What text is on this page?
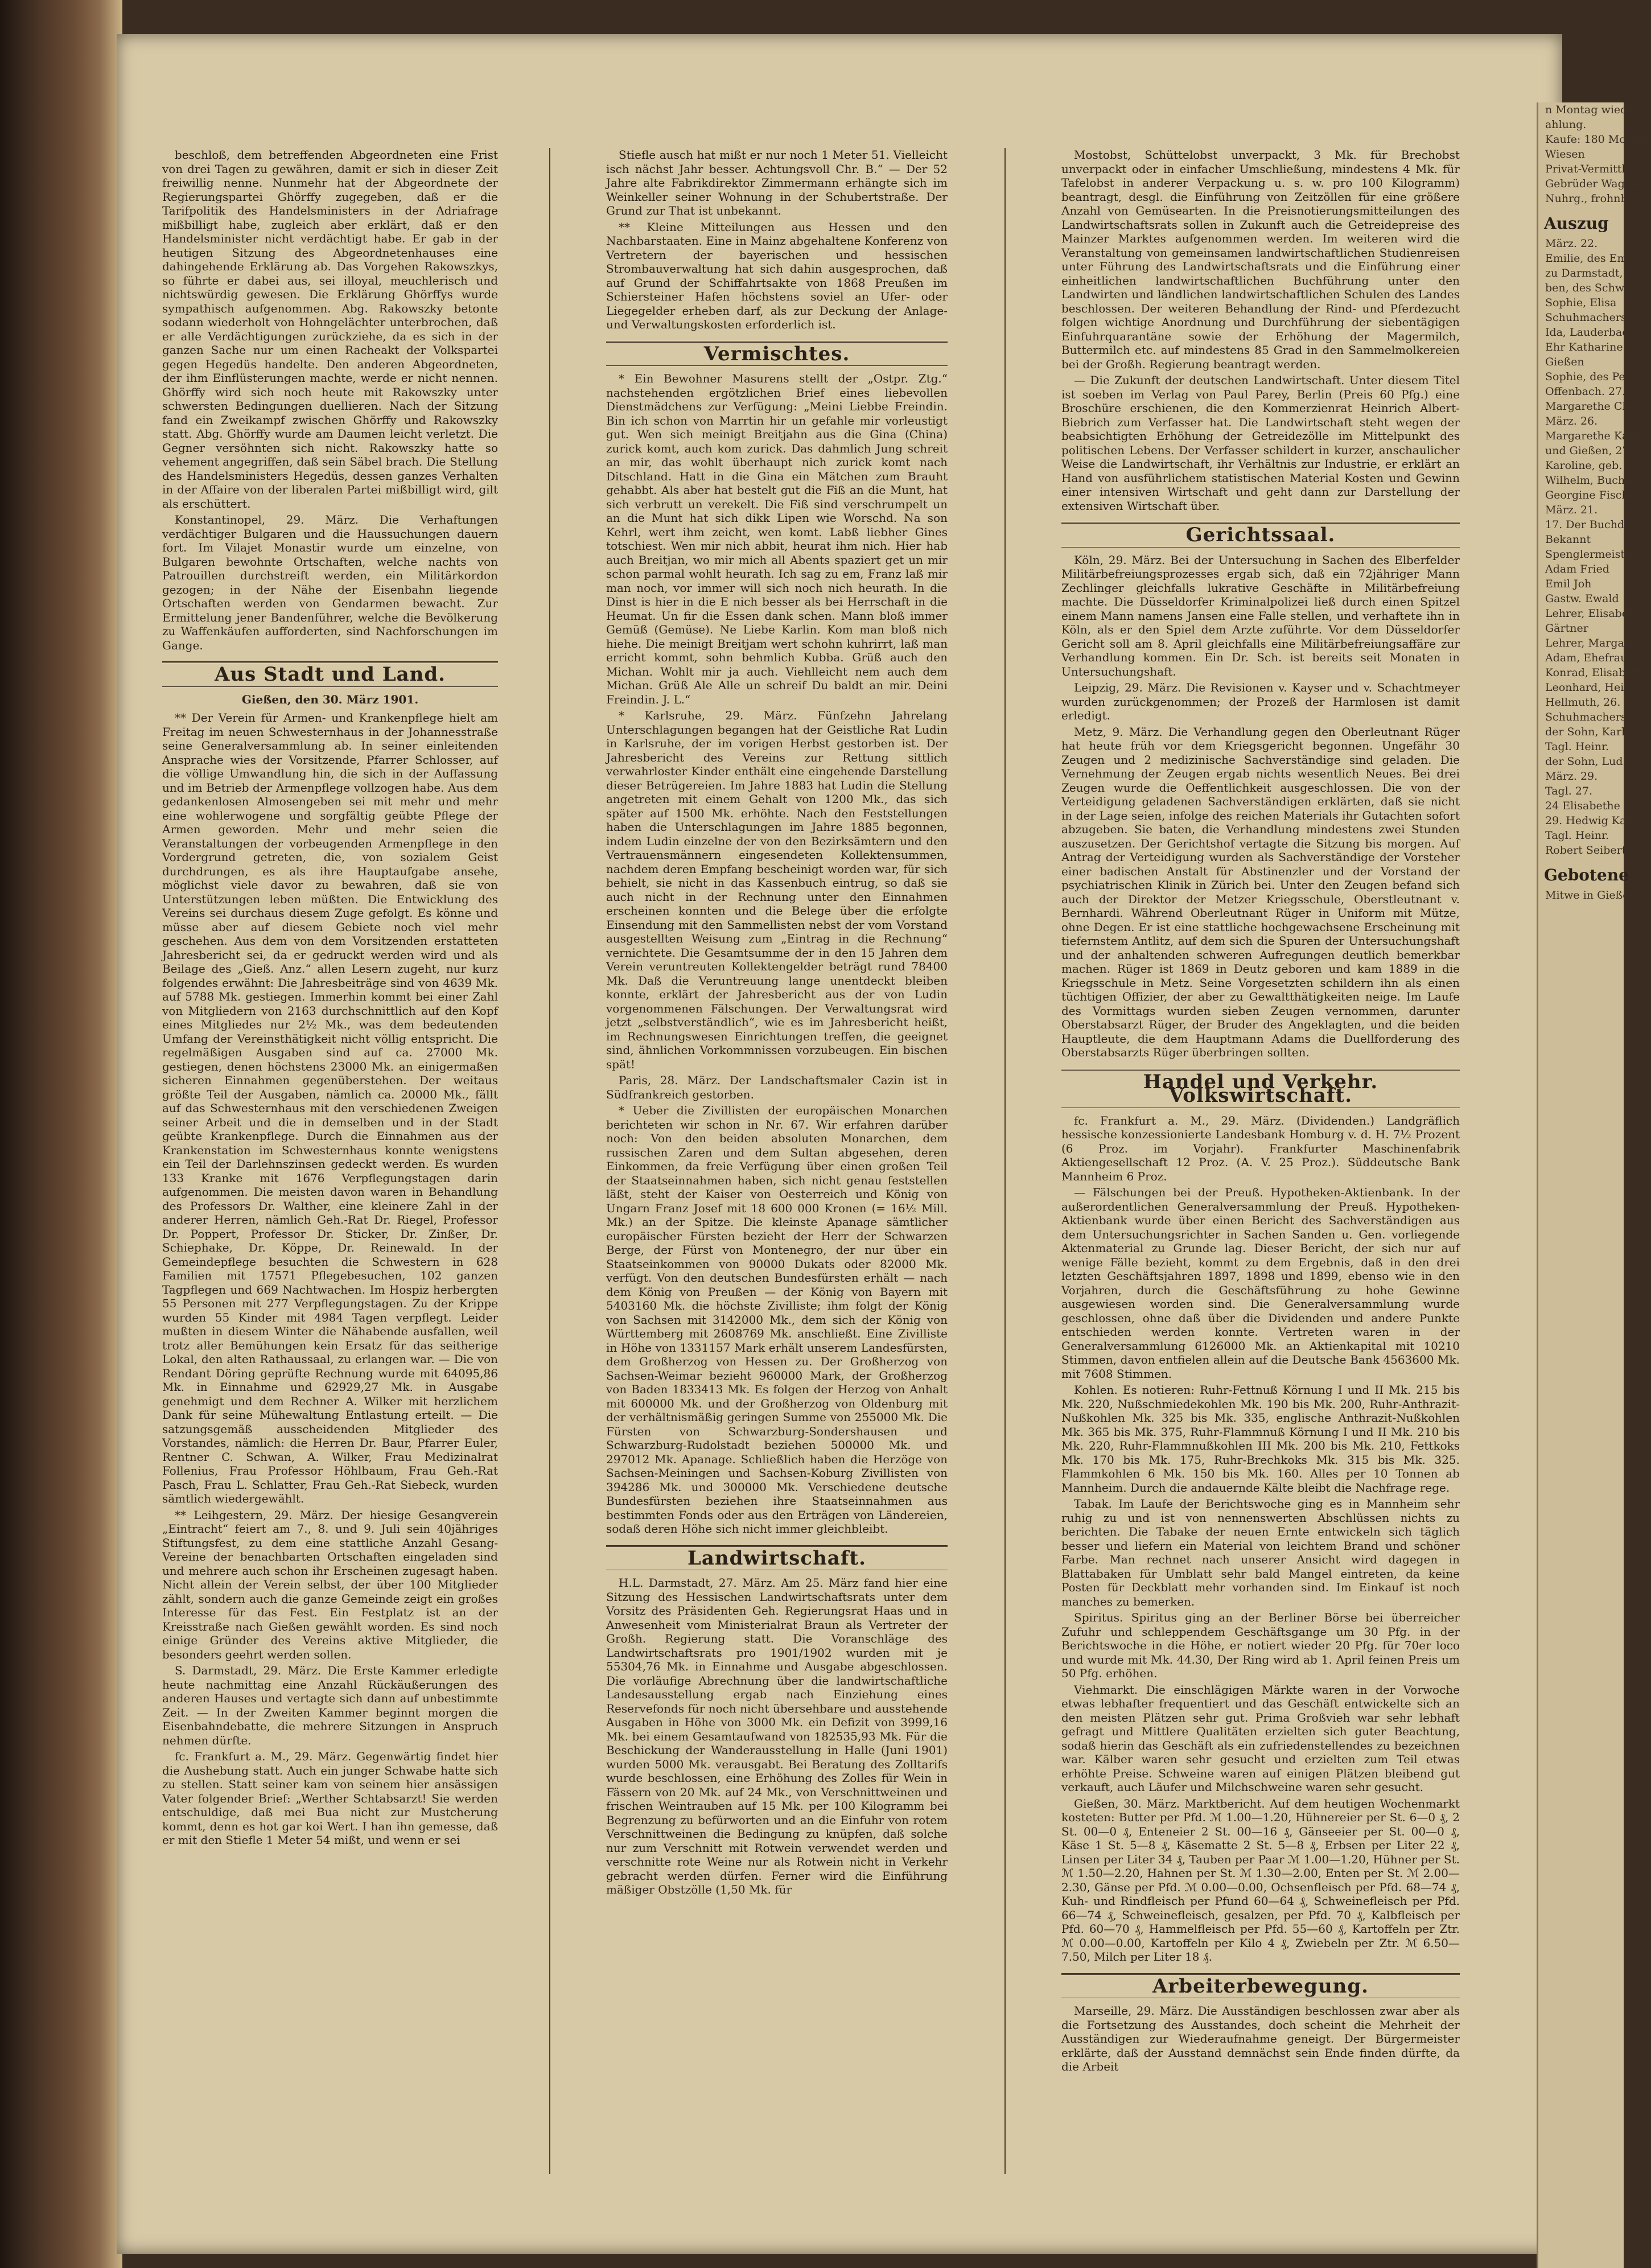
beschloß, dem betreffenden Abgeordneten eine Frist von drei Tagen zu gewähren, damit er sich in dieser Zeit freiwillig nenne. Nunmehr hat der Abgeordnete der Regierungspartei Ghörffy zugegeben, daß er die Tarifpolitik des Handelsministers in der Adriafrage mißbilligt habe, zugleich aber erklärt, daß er den Handelsminister nicht verdächtigt habe. Er gab in der heutigen Sitzung des Abgeordnetenhauses eine dahingehende Erklärung ab. Das Vorgehen Rakowszkys, so führte er dabei aus, sei illoyal, meuchlerisch und nichtswürdig gewesen. Die Erklärung Ghörffys wurde sympathisch aufgenommen. Abg. Rakowszky betonte sodann wiederholt von Hohngelächter unterbrochen, daß er alle Verdächtigungen zurückziehe, da es sich in der ganzen Sache nur um einen Racheakt der Volkspartei gegen Hegedüs handelte. Den anderen Abgeordneten, der ihm Einflüsterungen machte, werde er nicht nennen. Ghörffy wird sich noch heute mit Rakowszky unter schwersten Bedingungen duellieren. Nach der Sitzung fand ein Zweikampf zwischen Ghörffy und Rakowszky statt. Abg. Ghörffy wurde am Daumen leicht verletzt. Die Gegner versöhnten sich nicht. Rakowszky hatte so vehement angegriffen, daß sein Säbel brach. Die Stellung des Handelsministers Hegedüs, dessen ganzes Verhalten in der Affaire von der liberalen Partei mißbilligt wird, gilt als erschüttert.
Konstantinopel, 29. März. Die Verhaftungen verdächtiger Bulgaren und die Haussuchungen dauern fort. Im Vilajet Monastir wurde um einzelne, von Bulgaren bewohnte Ortschaften, welche nachts von Patrouillen durchstreift werden, ein Militärkordon gezogen; in der Nähe der Eisenbahn liegende Ortschaften werden von Gendarmen bewacht. Zur Ermittelung jener Bandenführer, welche die Bevölkerung zu Waffenkäufen aufforderten, sind Nachforschungen im Gange.
Aus Stadt und Land.
Gießen, den 30. März 1901.
** Der Verein für Armen- und Krankenpflege hielt am Freitag im neuen Schwesternhaus in der Johannesstraße seine Generalversammlung ab. In seiner einleitenden Ansprache wies der Vorsitzende, Pfarrer Schlosser, auf die völlige Umwandlung hin, die sich in der Auffassung und im Betrieb der Armenpflege vollzogen habe. Aus dem gedankenlosen Almosengeben sei mit mehr und mehr eine wohlerwogene und sorgfältig geübte Pflege der Armen geworden. Mehr und mehr seien die Veranstaltungen der vorbeugenden Armenpflege in den Vordergrund getreten, die, von sozialem Geist durchdrungen, es als ihre Hauptaufgabe ansehe, möglichst viele davor zu bewahren, daß sie von Unterstützungen leben müßten. Die Entwicklung des Vereins sei durchaus diesem Zuge gefolgt. Es könne und müsse aber auf diesem Gebiete noch viel mehr geschehen. Aus dem von dem Vorsitzenden erstatteten Jahresbericht sei, da er gedruckt werden wird und als Beilage des „Gieß. Anz.“ allen Lesern zugeht, nur kurz folgendes erwähnt: Die Jahresbeiträge sind von 4639 Mk. auf 5788 Mk. gestiegen. Immerhin kommt bei einer Zahl von Mitgliedern von 2163 durchschnittlich auf den Kopf eines Mitgliedes nur 2½ Mk., was dem bedeutenden Umfang der Vereinsthätigkeit nicht völlig entspricht. Die regelmäßigen Ausgaben sind auf ca. 27000 Mk. gestiegen, denen höchstens 23000 Mk. an einigermaßen sicheren Einnahmen gegenüberstehen. Der weitaus größte Teil der Ausgaben, nämlich ca. 20000 Mk., fällt auf das Schwesternhaus mit den verschiedenen Zweigen seiner Arbeit und die in demselben und in der Stadt geübte Krankenpflege. Durch die Einnahmen aus der Krankenstation im Schwesternhaus konnte wenigstens ein Teil der Darlehnszinsen gedeckt werden. Es wurden 133 Kranke mit 1676 Verpflegungstagen darin aufgenommen. Die meisten davon waren in Behandlung des Professors Dr. Walther, eine kleinere Zahl in der anderer Herren, nämlich Geh.-Rat Dr. Riegel, Professor Dr. Poppert, Professor Dr. Sticker, Dr. Zinßer, Dr. Schiephake, Dr. Köppe, Dr. Reinewald. In der Gemeindepflege besuchten die Schwestern in 628 Familien mit 17571 Pflegebesuchen, 102 ganzen Tagpflegen und 669 Nachtwachen. Im Hospiz herbergten 55 Personen mit 277 Verpflegungstagen. Zu der Krippe wurden 55 Kinder mit 4984 Tagen verpflegt. Leider mußten in diesem Winter die Nähabende ausfallen, weil trotz aller Bemühungen kein Ersatz für das seitherige Lokal, den alten Rathaussaal, zu erlangen war. — Die von Rendant Döring geprüfte Rechnung wurde mit 64095,86 Mk. in Einnahme und 62929,27 Mk. in Ausgabe genehmigt und dem Rechner A. Wilker mit herzlichem Dank für seine Mühewaltung Entlastung erteilt. — Die satzungsgemäß ausscheidenden Mitglieder des Vorstandes, nämlich: die Herren Dr. Baur, Pfarrer Euler, Rentner C. Schwan, A. Wilker, Frau Medizinalrat Follenius, Frau Professor Höhlbaum, Frau Geh.-Rat Pasch, Frau L. Schlatter, Frau Geh.-Rat Siebeck, wurden sämtlich wiedergewählt.
** Leihgestern, 29. März. Der hiesige Gesangverein „Eintracht“ feiert am 7., 8. und 9. Juli sein 40jähriges Stiftungsfest, zu dem eine stattliche Anzahl Gesang-Vereine der benachbarten Ortschaften eingeladen sind und mehrere auch schon ihr Erscheinen zugesagt haben. Nicht allein der Verein selbst, der über 100 Mitglieder zählt, sondern auch die ganze Gemeinde zeigt ein großes Interesse für das Fest. Ein Festplatz ist an der Kreisstraße nach Gießen gewählt worden. Es sind noch einige Gründer des Vereins aktive Mitglieder, die besonders geehrt werden sollen.
S. Darmstadt, 29. März. Die Erste Kammer erledigte heute nachmittag eine Anzahl Rückäußerungen des anderen Hauses und vertagte sich dann auf unbestimmte Zeit. — In der Zweiten Kammer beginnt morgen die Eisenbahndebatte, die mehrere Sitzungen in Anspruch nehmen dürfte.
fc. Frankfurt a. M., 29. März. Gegenwärtig findet hier die Aushebung statt. Auch ein junger Schwabe hatte sich zu stellen. Statt seiner kam von seinem hier ansässigen Vater folgender Brief: „Werther Schtabsarzt! Sie werden entschuldige, daß mei Bua nicht zur Mustcherung kommt, denn es hot gar koi Wert. I han ihn gemesse, daß er mit den Stiefle 1 Meter 54 mißt, und wenn er sei
Stiefle ausch hat mißt er nur noch 1 Meter 51. Vielleicht isch nächst Jahr besser. Achtungsvoll Chr. B.“ — Der 52 Jahre alte Fabrikdirektor Zimmermann erhängte sich im Weinkeller seiner Wohnung in der Schubertstraße. Der Grund zur That ist unbekannt.
** Kleine Mitteilungen aus Hessen und den Nachbarstaaten. Eine in Mainz abgehaltene Konferenz von Vertretern der bayerischen und hessischen Strombauverwaltung hat sich dahin ausgesprochen, daß auf Grund der Schiffahrtsakte von 1868 Preußen im Schiersteiner Hafen höchstens soviel an Ufer- oder Liegegelder erheben darf, als zur Deckung der Anlage- und Verwaltungskosten erforderlich ist.
Vermischtes.
* Ein Bewohner Masurens stellt der „Ostpr. Ztg.“ nachstehenden ergötzlichen Brief eines liebevollen Dienstmädchens zur Verfügung: „Meini Liebbe Freindin. Bin ich schon von Marrtin hir un gefahle mir vorleustigt gut. Wen sich meinigt Breitjahn aus die Gina (China) zurick komt, auch kom zurick. Das dahmlich Jung schreit an mir, das wohlt überhaupt nich zurick komt nach Ditschland. Hatt in die Gina ein Mätchen zum Brauht gehabbt. Als aber hat bestelt gut die Fiß an die Munt, hat sich verbrutt un verekelt. Die Fiß sind verschrumpelt un an die Munt hat sich dikk Lipen wie Worschd. Na son Kehrl, wert ihm zeicht, wen komt. Labß liebher Gines totschiest. Wen mir nich abbit, heurat ihm nich. Hier hab auch Breitjan, wo mir mich all Abents spaziert get un mir schon parmal wohlt heurath. Ich sag zu em, Franz laß mir man noch, vor immer will sich noch nich heurath. In die Dinst is hier in die E nich besser als bei Herrschaft in die Heumat. Un fir die Essen dank schen. Mann bloß immer Gemüß (Gemüse). Ne Liebe Karlin. Kom man bloß nich hiehe. Die meinigt Breitjam wert schohn kuhrirrt, laß man erricht kommt, sohn behmlich Kubba. Grüß auch den Michan. Wohlt mir ja auch. Viehlleicht nem auch dem Michan. Grüß Ale Alle un schreif Du baldt an mir. Deini Freindin. J. L.“
* Karlsruhe, 29. März. Fünfzehn Jahrelang Unterschlagungen begangen hat der Geistliche Rat Ludin in Karlsruhe, der im vorigen Herbst gestorben ist. Der Jahresbericht des Vereins zur Rettung sittlich verwahrloster Kinder enthält eine eingehende Darstellung dieser Betrügereien. Im Jahre 1883 hat Ludin die Stellung angetreten mit einem Gehalt von 1200 Mk., das sich später auf 1500 Mk. erhöhte. Nach den Feststellungen haben die Unterschlagungen im Jahre 1885 begonnen, indem Ludin einzelne der von den Bezirksämtern und den Vertrauensmännern eingesendeten Kollektensummen, nachdem deren Empfang bescheinigt worden war, für sich behielt, sie nicht in das Kassenbuch eintrug, so daß sie auch nicht in der Rechnung unter den Einnahmen erscheinen konnten und die Belege über die erfolgte Einsendung mit den Sammellisten nebst der vom Vorstand ausgestellten Weisung zum „Eintrag in die Rechnung“ vernichtete. Die Gesamtsumme der in den 15 Jahren dem Verein veruntreuten Kollektengelder beträgt rund 78400 Mk. Daß die Veruntreuung lange unentdeckt bleiben konnte, erklärt der Jahresbericht aus der von Ludin vorgenommenen Fälschungen. Der Verwaltungsrat wird jetzt „selbstverständlich“, wie es im Jahresbericht heißt, im Rechnungswesen Einrichtungen treffen, die geeignet sind, ähnlichen Vorkommnissen vorzubeugen. Ein bischen spät!
Paris, 28. März. Der Landschaftsmaler Cazin ist in Südfrankreich gestorben.
* Ueber die Zivillisten der europäischen Monarchen berichteten wir schon in Nr. 67. Wir erfahren darüber noch: Von den beiden absoluten Monarchen, dem russischen Zaren und dem Sultan abgesehen, deren Einkommen, da freie Verfügung über einen großen Teil der Staatseinnahmen haben, sich nicht genau feststellen läßt, steht der Kaiser von Oesterreich und König von Ungarn Franz Josef mit 18 600 000 Kronen (= 16½ Mill. Mk.) an der Spitze. Die kleinste Apanage sämtlicher europäischer Fürsten bezieht der Herr der Schwarzen Berge, der Fürst von Montenegro, der nur über ein Staatseinkommen von 90000 Dukats oder 82000 Mk. verfügt. Von den deutschen Bundesfürsten erhält — nach dem König von Preußen — der König von Bayern mit 5403160 Mk. die höchste Zivilliste; ihm folgt der König von Sachsen mit 3142000 Mk., dem sich der König von Württemberg mit 2608769 Mk. anschließt. Eine Zivilliste in Höhe von 1331157 Mark erhält unserem Landesfürsten, dem Großherzog von Hessen zu. Der Großherzog von Sachsen-Weimar bezieht 960000 Mark, der Großherzog von Baden 1833413 Mk. Es folgen der Herzog von Anhalt mit 600000 Mk. und der Großherzog von Oldenburg mit der verhältnismäßig geringen Summe von 255000 Mk. Die Fürsten von Schwarzburg-Sondershausen und Schwarzburg-Rudolstadt beziehen 500000 Mk. und 297012 Mk. Apanage. Schließlich haben die Herzöge von Sachsen-Meiningen und Sachsen-Koburg Zivillisten von 394286 Mk. und 300000 Mk. Verschiedene deutsche Bundesfürsten beziehen ihre Staatseinnahmen aus bestimmten Fonds oder aus den Erträgen von Ländereien, sodaß deren Höhe sich nicht immer gleichbleibt.
Landwirtschaft.
H.L. Darmstadt, 27. März. Am 25. März fand hier eine Sitzung des Hessischen Landwirtschaftsrats unter dem Vorsitz des Präsidenten Geh. Regierungsrat Haas und in Anwesenheit vom Ministerialrat Braun als Vertreter der Großh. Regierung statt. Die Voranschläge des Landwirtschaftsrats pro 1901/1902 wurden mit je 55304,76 Mk. in Einnahme und Ausgabe abgeschlossen. Die vorläufige Abrechnung über die landwirtschaftliche Landesausstellung ergab nach Einziehung eines Reservefonds für noch nicht übersehbare und ausstehende Ausgaben in Höhe von 3000 Mk. ein Defizit von 3999,16 Mk. bei einem Gesamtaufwand von 182535,93 Mk. Für die Beschickung der Wanderausstellung in Halle (Juni 1901) wurden 5000 Mk. verausgabt. Bei Beratung des Zolltarifs wurde beschlossen, eine Erhöhung des Zolles für Wein in Fässern von 20 Mk. auf 24 Mk., von Verschnittweinen und frischen Weintrauben auf 15 Mk. per 100 Kilogramm bei Begrenzung zu befürworten und an die Einfuhr von rotem Verschnittweinen die Bedingung zu knüpfen, daß solche nur zum Verschnitt mit Rotwein verwendet werden und verschnitte rote Weine nur als Rotwein nicht in Verkehr gebracht werden dürfen. Ferner wird die Einführung mäßiger Obstzölle (1,50 Mk. für
Mostobst, Schüttelobst unverpackt, 3 Mk. für Brechobst unverpackt oder in einfacher Umschließung, mindestens 4 Mk. für Tafelobst in anderer Verpackung u. s. w. pro 100 Kilogramm) beantragt, desgl. die Einführung von Zeitzöllen für eine größere Anzahl von Gemüsearten. In die Preisnotierungsmitteilungen des Landwirtschaftsrats sollen in Zukunft auch die Getreidepreise des Mainzer Marktes aufgenommen werden. Im weiteren wird die Veranstaltung von gemeinsamen landwirtschaftlichen Studienreisen unter Führung des Landwirtschaftsrats und die Einführung einer einheitlichen landwirtschaftlichen Buchführung unter den Landwirten und ländlichen landwirtschaftlichen Schulen des Landes beschlossen. Der weiteren Behandlung der Rind- und Pferdezucht folgen wichtige Anordnung und Durchführung der siebentägigen Einfuhrquarantäne sowie der Erhöhung der Magermilch, Buttermilch etc. auf mindestens 85 Grad in den Sammelmolkereien bei der Großh. Regierung beantragt werden.
— Die Zukunft der deutschen Landwirtschaft. Unter diesem Titel ist soeben im Verlag von Paul Parey, Berlin (Preis 60 Pfg.) eine Broschüre erschienen, die den Kommerzienrat Heinrich Albert-Biebrich zum Verfasser hat. Die Landwirtschaft steht wegen der beabsichtigten Erhöhung der Getreidezölle im Mittelpunkt des politischen Lebens. Der Verfasser schildert in kurzer, anschaulicher Weise die Landwirtschaft, ihr Verhältnis zur Industrie, er erklärt an Hand von ausführlichem statistischen Material Kosten und Gewinn einer intensiven Wirtschaft und geht dann zur Darstellung der extensiven Wirtschaft über.
Gerichtssaal.
Köln, 29. März. Bei der Untersuchung in Sachen des Elberfelder Militärbefreiungsprozesses ergab sich, daß ein 72jähriger Mann Zechlinger gleichfalls lukrative Geschäfte in Militärbefreiung machte. Die Düsseldorfer Kriminalpolizei ließ durch einen Spitzel einem Mann namens Jansen eine Falle stellen, und verhaftete ihn in Köln, als er den Spiel dem Arzte zuführte. Vor dem Düsseldorfer Gericht soll am 8. April gleichfalls eine Militärbefreiungsaffäre zur Verhandlung kommen. Ein Dr. Sch. ist bereits seit Monaten in Untersuchungshaft.
Leipzig, 29. März. Die Revisionen v. Kayser und v. Schachtmeyer wurden zurückgenommen; der Prozeß der Harmlosen ist damit erledigt.
Metz, 9. März. Die Verhandlung gegen den Oberleutnant Rüger hat heute früh vor dem Kriegsgericht begonnen. Ungefähr 30 Zeugen und 2 medizinische Sachverständige sind geladen. Die Vernehmung der Zeugen ergab nichts wesentlich Neues. Bei drei Zeugen wurde die Oeffentlichkeit ausgeschlossen. Die von der Verteidigung geladenen Sachverständigen erklärten, daß sie nicht in der Lage seien, infolge des reichen Materials ihr Gutachten sofort abzugeben. Sie baten, die Verhandlung mindestens zwei Stunden auszusetzen. Der Gerichtshof vertagte die Sitzung bis morgen. Auf Antrag der Verteidigung wurden als Sachverständige der Vorsteher einer badischen Anstalt für Abstinenzler und der Vorstand der psychiatrischen Klinik in Zürich bei. Unter den Zeugen befand sich auch der Direktor der Metzer Kriegsschule, Oberstleutnant v. Bernhardi. Während Oberleutnant Rüger in Uniform mit Mütze, ohne Degen. Er ist eine stattliche hochgewachsene Erscheinung mit tiefernstem Antlitz, auf dem sich die Spuren der Untersuchungshaft und der anhaltenden schweren Aufregungen deutlich bemerkbar machen. Rüger ist 1869 in Deutz geboren und kam 1889 in die Kriegsschule in Metz. Seine Vorgesetzten schildern ihn als einen tüchtigen Offizier, der aber zu Gewaltthätigkeiten neige. Im Laufe des Vormittags wurden sieben Zeugen vernommen, darunter Oberstabsarzt Rüger, der Bruder des Angeklagten, und die beiden Hauptleute, die dem Hauptmann Adams die Duellforderung des Oberstabsarzts Rüger überbringen sollten.
Handel und Verkehr. Volkswirtschaft.
fc. Frankfurt a. M., 29. März. (Dividenden.) Landgräflich hessische konzessionierte Landesbank Homburg v. d. H. 7½ Prozent (6 Proz. im Vorjahr). Frankfurter Maschinenfabrik Aktiengesellschaft 12 Proz. (A. V. 25 Proz.). Süddeutsche Bank Mannheim 6 Proz.
— Fälschungen bei der Preuß. Hypotheken-Aktienbank. In der außerordentlichen Generalversammlung der Preuß. Hypotheken-Aktienbank wurde über einen Bericht des Sachverständigen aus dem Untersuchungsrichter in Sachen Sanden u. Gen. vorliegende Aktenmaterial zu Grunde lag. Dieser Bericht, der sich nur auf wenige Fälle bezieht, kommt zu dem Ergebnis, daß in den drei letzten Geschäftsjahren 1897, 1898 und 1899, ebenso wie in den Vorjahren, durch die Geschäftsführung zu hohe Gewinne ausgewiesen worden sind. Die Generalversammlung wurde geschlossen, ohne daß über die Dividenden und andere Punkte entschieden werden konnte. Vertreten waren in der Generalversammlung 6126000 Mk. an Aktienkapital mit 10210 Stimmen, davon entfielen allein auf die Deutsche Bank 4563600 Mk. mit 7608 Stimmen.
Kohlen. Es notieren: Ruhr-Fettnuß Körnung I und II Mk. 215 bis Mk. 220, Nußschmiedekohlen Mk. 190 bis Mk. 200, Ruhr-Anthrazit-Nußkohlen Mk. 325 bis Mk. 335, englische Anthrazit-Nußkohlen Mk. 365 bis Mk. 375, Ruhr-Flammnuß Körnung I und II Mk. 210 bis Mk. 220, Ruhr-Flammnußkohlen III Mk. 200 bis Mk. 210, Fettkoks Mk. 170 bis Mk. 175, Ruhr-Brechkoks Mk. 315 bis Mk. 325. Flammkohlen 6 Mk. 150 bis Mk. 160. Alles per 10 Tonnen ab Mannheim. Durch die andauernde Kälte bleibt die Nachfrage rege.
Tabak. Im Laufe der Berichtswoche ging es in Mannheim sehr ruhig zu und ist von nennenswerten Abschlüssen nichts zu berichten. Die Tabake der neuen Ernte entwickeln sich täglich besser und liefern ein Material von leichtem Brand und schöner Farbe. Man rechnet nach unserer Ansicht wird dagegen in Blattabaken für Umblatt sehr bald Mangel eintreten, da keine Posten für Deckblatt mehr vorhanden sind. Im Einkauf ist noch manches zu bemerken.
Spiritus. Spiritus ging an der Berliner Börse bei überreicher Zufuhr und schleppendem Geschäftsgange um 30 Pfg. in der Berichtswoche in die Höhe, er notiert wieder 20 Pfg. für 70er loco und wurde mit Mk. 44.30, Der Ring wird ab 1. April feinen Preis um 50 Pfg. erhöhen.
Viehmarkt. Die einschlägigen Märkte waren in der Vorwoche etwas lebhafter frequentiert und das Geschäft entwickelte sich an den meisten Plätzen sehr gut. Prima Großvieh war sehr lebhaft gefragt und Mittlere Qualitäten erzielten sich guter Beachtung, sodaß hierin das Geschäft als ein zufriedenstellendes zu bezeichnen war. Kälber waren sehr gesucht und erzielten zum Teil etwas erhöhte Preise. Schweine waren auf einigen Plätzen bleibend gut verkauft, auch Läufer und Milchschweine waren sehr gesucht.
Gießen, 30. März. Marktbericht. Auf dem heutigen Wochenmarkt kosteten: Butter per Pfd. ℳ 1.00—1.20, Hühnereier per St. 6—0 ₰, 2 St. 00—0 ₰, Enteneier 2 St. 00—16 ₰, Gänseeier per St. 00—0 ₰, Käse 1 St. 5—8 ₰, Käsematte 2 St. 5—8 ₰, Erbsen per Liter 22 ₰, Linsen per Liter 34 ₰, Tauben per Paar ℳ 1.00—1.20, Hühner per St. ℳ 1.50—2.20, Hahnen per St. ℳ 1.30—2.00, Enten per St. ℳ 2.00—2.30, Gänse per Pfd. ℳ 0.00—0.00, Ochsenfleisch per Pfd. 68—74 ₰, Kuh- und Rindfleisch per Pfund 60—64 ₰, Schweinefleisch per Pfd. 66—74 ₰, Schweinefleisch, gesalzen, per Pfd. 70 ₰, Kalbfleisch per Pfd. 60—70 ₰, Hammelfleisch per Pfd. 55—60 ₰, Kartoffeln per Ztr. ℳ 0.00—0.00, Kartoffeln per Kilo 4 ₰, Zwiebeln per Ztr. ℳ 6.50—7.50, Milch per Liter 18 ₰.
Arbeiterbewegung.
Marseille, 29. März. Die Ausständigen beschlossen zwar aber als die Fortsetzung des Ausstandes, doch scheint die Mehrheit der Ausständigen zur Wiederaufnahme geneigt. Der Bürgermeister erklärte, daß der Ausstand demnächst sein Ende finden dürfte, da die Arbeit
n Montag wieder
ahlung.
Kaufe: 180 Morgen
Wiesen
Privat-Vermittler
Gebrüder Wagner
Nuhrg., frohnhaus
Auszug
März. 22.
Emilie, des Em
zu Darmstadt, 14.
ben, des Schwei
Sophie, Elisa
Schuhmachers
Ida, Lauderbach
Ehr Katharine W
Gießen
Sophie, des Pe
Offenbach. 27.
Margarethe Chris
März. 26.
Margarethe Kato
und Gießen, 27.
Karoline, geb.
Wilhelm, Buchd
Georgine Fischer
März. 21.
17. Der Buchd
Bekannt
Spenglermeister
Adam Fried
Emil Joh
Gastw. Ewald
Lehrer, Elisabeth
Gärtner
Lehrer, Margare
Adam, Ehefrau
Konrad, Elisabeth
Leonhard, Heinr.
Hellmuth, 26.
Schuhmachers
der Sohn, Karl
Tagl. Heinr.
der Sohn, Lud
März. 29.
Tagl. 27.
24 Elisabethe
29. Hedwig Kat
Tagl. Heinr.
Robert Seibert
Gebotene
Mitwe in Gießen
